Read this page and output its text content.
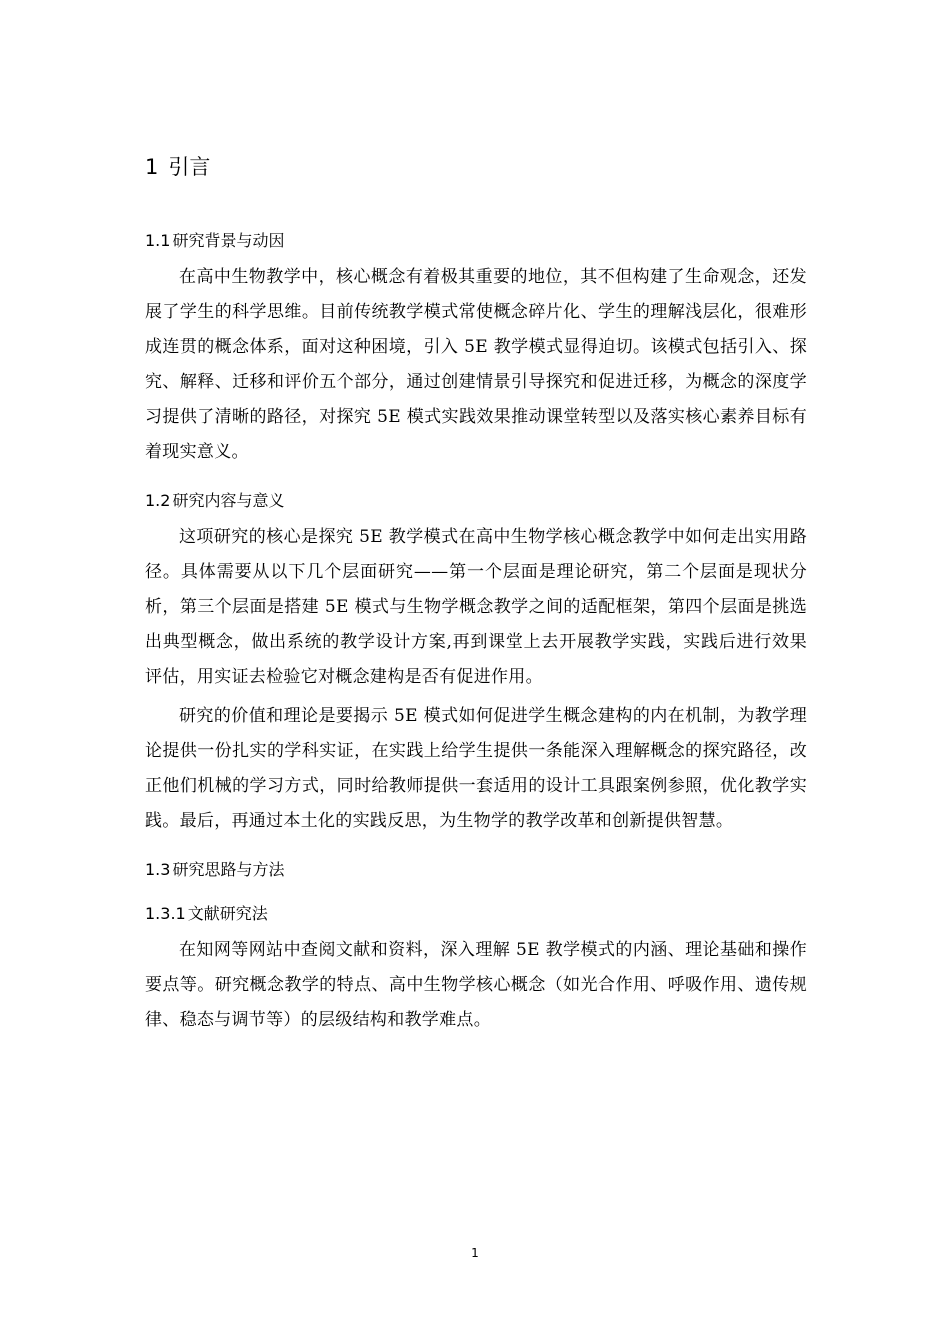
1 引言
1.1 研究背景与动因

在高中生物教学中，核心概念有着极其重要的地位，其不但构建了生命观念，还发展了学生的科学思维。目前传统教学模式常使概念碎片化、学生的理解浅层化，很难形成连贯的概念体系，面对这种困境，引入 5E 教学模式显得迫切。该模式包括引入、探究、解释、迁移和评价五个部分，通过创建情景引导探究和促进迁移，为概念的深度学习提供了清晰的路径，对探究 5E 模式实践效果推动课堂转型以及落实核心素养目标有着现实意义。

1.2 研究内容与意义

这项研究的核心是探究 5E 教学模式在高中生物学核心概念教学中如何走出实用路径。具体需要从以下几个层面研究——第一个层面是理论研究，第二个层面是现状分析，第三个层面是搭建 5E 模式与生物学概念教学之间的适配框架，第四个层面是挑选出典型概念，做出系统的教学设计方案,再到课堂上去开展教学实践，实践后进行效果评估，用实证去检验它对概念建构是否有促进作用。

研究的价值和理论是要揭示 5E 模式如何促进学生概念建构的内在机制，为教学理论提供一份扎实的学科实证，在实践上给学生提供一条能深入理解概念的探究路径，改正他们机械的学习方式，同时给教师提供一套适用的设计工具跟案例参照，优化教学实践。最后，再通过本土化的实践反思，为生物学的教学改革和创新提供智慧。

1.3 研究思路与方法
1.3.1 文献研究法

在知网等网站中查阅文献和资料，深入理解 5E 教学模式的内涵、理论基础和操作要点等。研究概念教学的特点、高中生物学核心概念（如光合作用、呼吸作用、遗传规律、稳态与调节等）的层级结构和教学难点。

1
